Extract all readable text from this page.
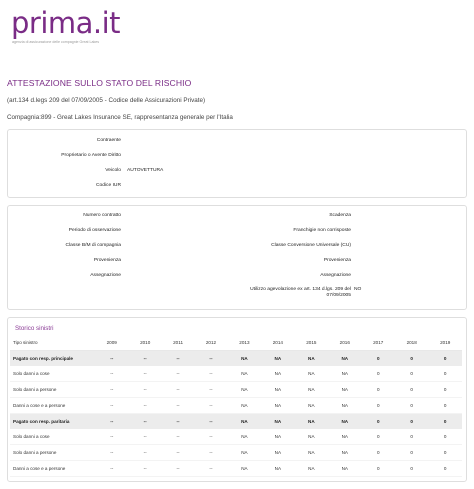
prima.it
agenzia di assicurazione delle compagnie Great Lakes
ATTESTAZIONE SULLO STATO DEL RISCHIO
(art.134 d.legs 209 del 07/09/2005 - Codice delle Assicurazioni Private)
Compagnia:899 - Great Lakes Insurance SE, rappresentanza generale per l'Italia
Contraente
Proprietario o Avente Diritto
Veicolo AUTOVETTURA
Codice IUR
Numero contratto	Scadenza
Periodo di osservazione	Franchigie non corrisposte
Classe B/M di compagnia	Classe Conversione Universale (CU)
Provenienza	Provenienza
Assegnazione	Assegnazione
Utilizzo agevolazione ex art. 134 d.lgs. 209 del 07/09/2005
NO
Storico sinistri
Tipo sinistro	2009	2010	2011	2012	2013	2014	2015	2016	2017	2018	2019
Pagato con resp. principale	--	--	--	--	NA	NA	NA	NA	0	0	0
Solo danni a cose	--	--	--	--	NA	NA	NA	NA	0	0	0
Solo danni a persone	--	--	--	--	NA	NA	NA	NA	0	0	0
Danni a cose e a persone	--	--	--	--	NA	NA	NA	NA	0	0	0
Pagato con resp. paritaria	--	--	--	--	NA	NA	NA	NA	0	0	0
Solo danni a cose	--	--	--	--	NA	NA	NA	NA	0	0	0
Solo danni a persone	--	--	--	--	NA	NA	NA	NA	0	0	0
Danni a cose e a persone	--	--	--	--	NA	NA	NA	NA	0	0	0
